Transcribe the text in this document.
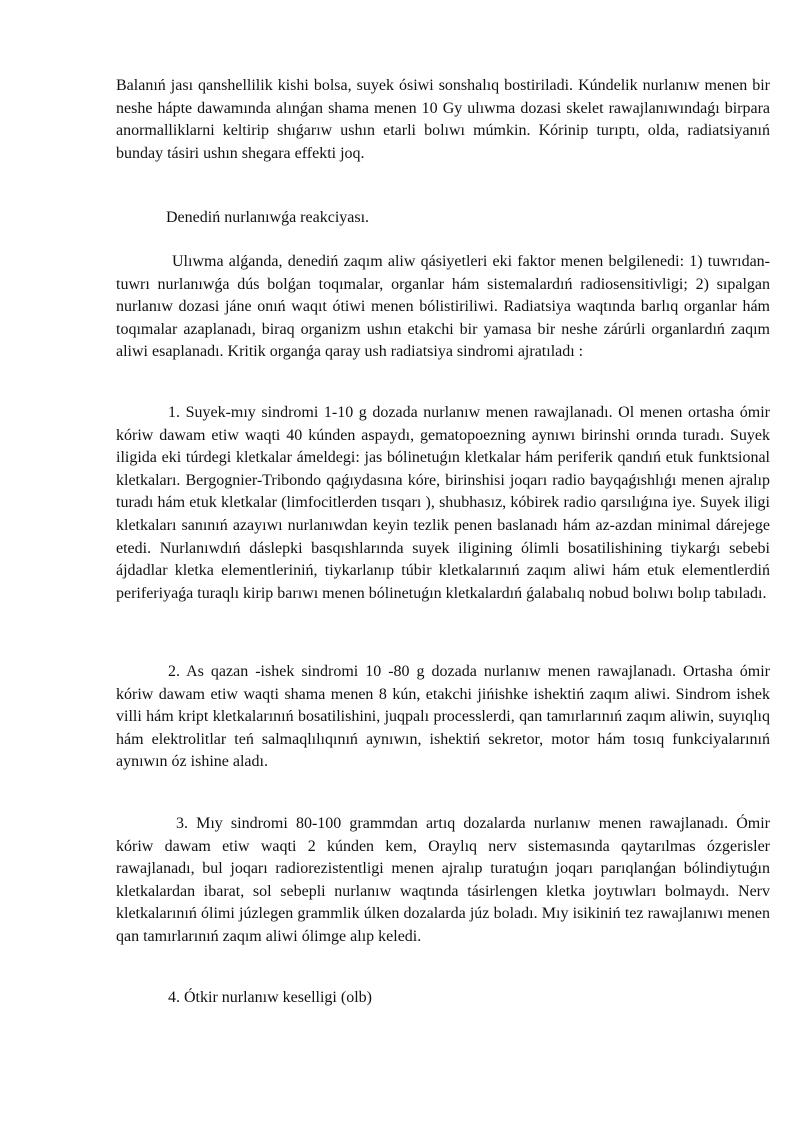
Balanıń jası qanshellilik kishi bolsa, suyek ósiwi sonshalıq bostiriladi. Kúndelik nurlanıw menen bir neshe hápte dawamında alınǵan shama menen 10 Gy ulıwma dozasi skelet rawajlanıwındaǵı birpara anormalliklarni keltirip shıǵarıw ushın etarli bolıwı múmkin. Kórinip turıptı, olda, radiatsiyanıń bunday tásiri ushın shegara effekti joq.

Denediń nurlanıwǵa reakciyası.

Ulıwma alǵanda, denediń zaqım aliw qásiyetleri eki faktor menen belgilenedi: 1) tuwrıdan-tuwrı nurlanıwǵa dús bolǵan toqımalar, organlar hám sistemalardıń radiosensitivligi; 2) sıpalgan nurlanıw dozasi jáne onıń waqıt ótiwi menen bólistiriliwi. Radiatsiya waqtında barlıq organlar hám toqımalar azaplanadı, biraq organizm ushın etakchi bir yamasa bir neshe zárúrli organlardıń zaqım aliwi esaplanadı. Kritik organǵa qaray ush radiatsiya sindromi ajratıladı :

1. Suyek-mıy sindromi 1-10 g dozada nurlanıw menen rawajlanadı. Ol menen ortasha ómir kóriw dawam etiw waqti 40 kúnden aspaydı, gematopoezning aynıwı birinshi orında turadı. Suyek iligida eki túrdegi kletkalar ámeldegi: jas bólinetuǵın kletkalar hám periferik qandıń etuk funktsional kletkaları. Bergognier-Tribondo qaǵıydasına kóre, birinshisi joqarı radio bayqaǵıshlıǵı menen ajralıp turadı hám etuk kletkalar (limfocitlerden tısqarı ), shubhasız, kóbirek radio qarsılıǵına iye. Suyek iligi kletkaları sanınıń azayıwı nurlanıwdan keyin tezlik penen baslanadı hám az-azdan minimal dárejege etedi. Nurlanıwdıń dáslepki basqıshlarında suyek iligining ólimli bosatilishining tiykarǵı sebebi ájdadlar kletka elementleriniń, tiykarlanıp túbir kletkalarınıń zaqım aliwi hám etuk elementlerdiń periferiyaǵa turaqlı kirip barıwı menen bólinetuǵın kletkalardıń ǵalabalıq nobud bolıwı bolıp tabıladı.

2. As qazan -ishek sindromi 10 -80 g dozada nurlanıw menen rawajlanadı. Ortasha ómir kóriw dawam etiw waqti shama menen 8 kún, etakchi jińishke ishektiń zaqım aliwi. Sindrom ishek villi hám kript kletkalarınıń bosatilishini, juqpalı processlerdi, qan tamırlarınıń zaqım aliwin, suyıqlıq hám elektrolitlar teń salmaqlılıqınıń aynıwın, ishektiń sekretor, motor hám tosıq funkciyalarınıń aynıwın óz ishine aladı.

3. Mıy sindromi 80-100 grammdan artıq dozalarda nurlanıw menen rawajlanadı. Ómir kóriw dawam etiw waqti 2 kúnden kem, Oraylıq nerv sistemasında qaytarılmas ózgerisler rawajlanadı, bul joqarı radiorezistentligi menen ajralıp turatuǵın joqarı parıqlanǵan bólindiytuǵın kletkalardan ibarat, sol sebepli nurlanıw waqtında tásirlengen kletka joytıwları bolmaydı. Nerv kletkalarınıń ólimi júzlegen grammlik úlken dozalarda júz boladı. Mıy isikiniń tez rawajlanıwı menen qan tamırlarınıń zaqım aliwi ólimge alıp keledi.

4. Ótkir nurlanıw keselligi (olb)
